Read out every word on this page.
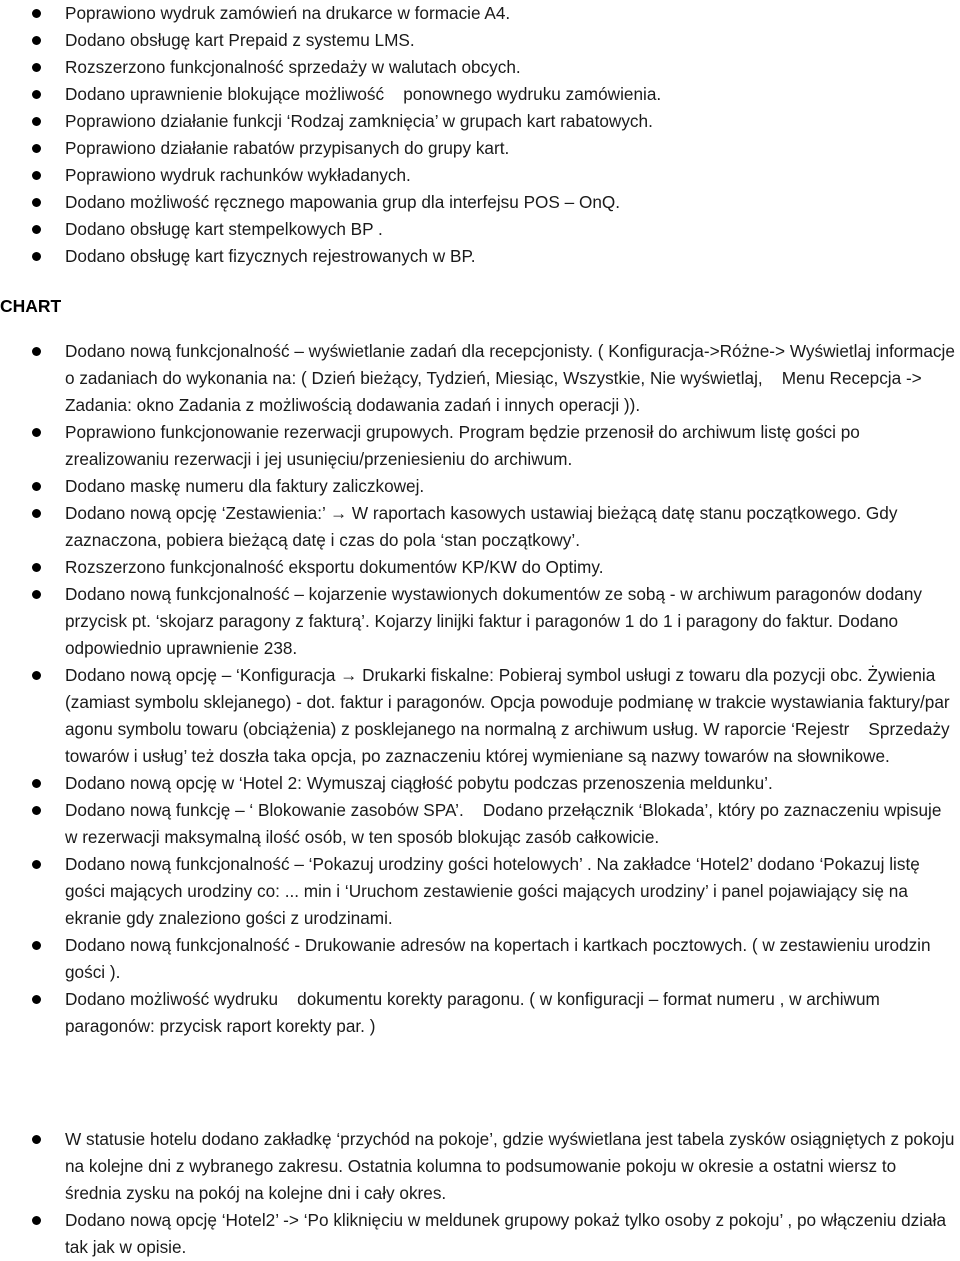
Poprawiono wydruk zamówień na drukarce w formacie A4.
Dodano obsługę kart Prepaid z systemu LMS.
Rozszerzono funkcjonalność sprzedaży w walutach obcych.
Dodano uprawnienie blokujące możliwość    ponownego wydruku zamówienia.
Poprawiono działanie funkcji ‘Rodzaj zamknięcia’ w grupach kart rabatowych.
Poprawiono działanie rabatów przypisanych do grupy kart.
Poprawiono wydruk rachunków wykładanych.
Dodano możliwość ręcznego mapowania grup dla interfejsu POS – OnQ.
Dodano obsługę kart stempelkowych BP .
Dodano obsługę kart fizycznych rejestrowanych w BP.
CHART
Dodano nową funkcjonalność – wyświetlanie zadań dla recepcjonisty. ( Konfiguracja->Różne-> Wyświetlaj informacje o zadaniach do wykonania na: ( Dzień bieżący, Tydzień, Miesiąc, Wszystkie, Nie wyświetlaj,    Menu Recepcja -> Zadania: okno Zadania z możliwością dodawania zadań i innych operacji )).
Poprawiono funkcjonowanie rezerwacji grupowych. Program będzie przenosił do archiwum listę gości po zrealizowaniu rezerwacji i jej usunięciu/przeniesieniu do archiwum.
Dodano maskę numeru dla faktury zaliczkowej.
Dodano nową opcję ‘Zestawienia:’ → W raportach kasowych ustawiaj bieżącą datę stanu początkowego. Gdy zaznaczona, pobiera bieżącą datę i czas do pola ‘stan początkowy’.
Rozszerzono funkcjonalność eksportu dokumentów KP/KW do Optimy.
Dodano nową funkcjonalność – kojarzenie wystawionych dokumentów ze sobą - w archiwum paragonów dodany przycisk pt. ‘skojarz paragony z fakturą’. Kojarzy linijki faktur i paragonów 1 do 1 i paragony do faktur. Dodano odpowiednio uprawnienie 238.
Dodano nową opcję – ‘Konfiguracja → Drukarki fiskalne: Pobieraj symbol usługi z towaru dla pozycji obc. Żywienia    (zamiast symbolu sklejanego) - dot. faktur i paragonów. Opcja powoduje podmianę w trakcie wystawiania faktury/par agonu symbolu towaru (obciążenia) z posklejanego na normalną z archiwum usług. W raporcie ‘Rejestr    Sprzedaży towarów i usług’ też doszła taka opcja, po zaznaczeniu której wymieniane są nazwy towarów na słownikowe.
Dodano nową opcję w ‘Hotel 2: Wymuszaj ciągłość pobytu podczas przenoszenia meldunku’.
Dodano nową funkcję – ‘ Blokowanie zasobów SPA’.    Dodano przełącznik ‘Blokada’, który po zaznaczeniu wpisuje w rezerwacji maksymalną ilość osób, w ten sposób blokując zasób całkowicie.
Dodano nową funkcjonalność – ‘Pokazuj urodziny gości hotelowych’ . Na zakładce ‘Hotel2’ dodano ‘Pokazuj listę gości mających urodziny co: ... min i ‘Uruchom zestawienie gości mających urodziny’ i panel pojawiający się na ekranie gdy znaleziono gości z urodzinami.
Dodano nową funkcjonalność - Drukowanie adresów na kopertach i kartkach pocztowych. ( w zestawieniu urodzin gości ).
Dodano możliwość wydruku    dokumentu korekty paragonu. ( w konfiguracji – format numeru , w archiwum paragonów: przycisk raport korekty par. )
W statusie hotelu dodano zakładkę ‘przychód na pokoje’, gdzie wyświetlana jest tabela zysków osiągniętych z pokoju na kolejne dni z wybranego zakresu. Ostatnia kolumna to podsumowanie pokoju w okresie a ostatni wiersz to średnia zysku na pokój na kolejne dni i cały okres.
Dodano nową opcję ‘Hotel2’ -> ‘Po kliknięciu w meldunek grupowy pokaż tylko osoby z pokoju’ , po włączeniu działa tak jak w opisie.
